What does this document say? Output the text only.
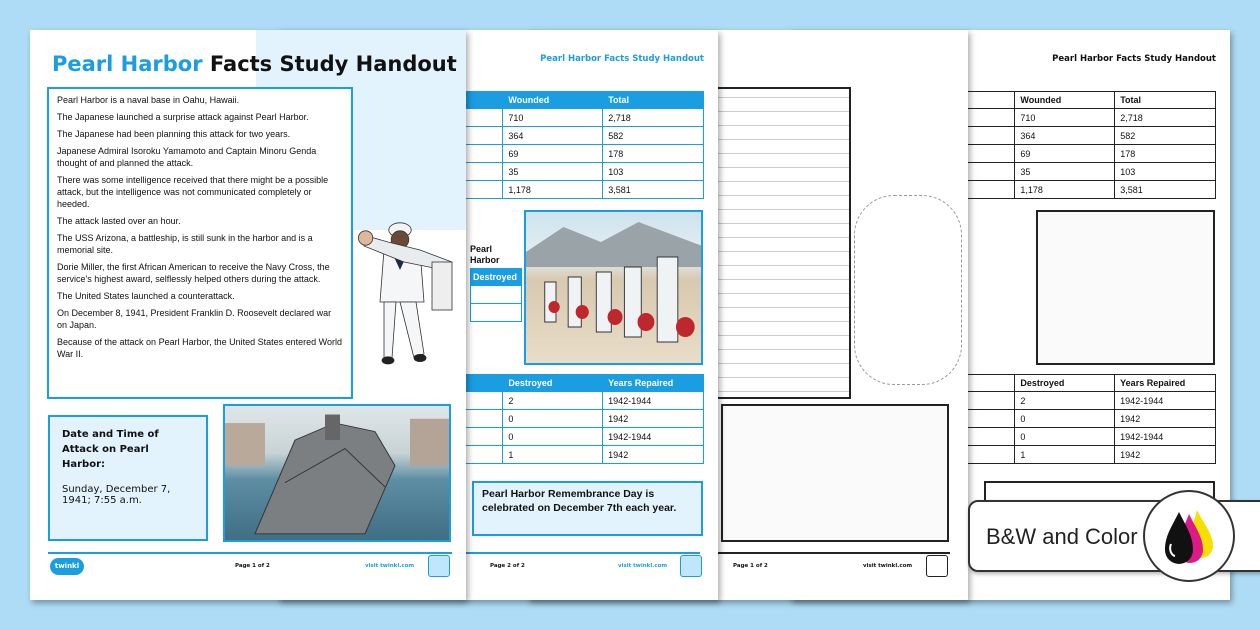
Pearl Harbor Facts Study Handout

Pearl Harbor is a naval base in Oahu, Hawaii.

The Japanese launched a surprise attack against Pearl Harbor.

The Japanese had been planning this attack for two years.

Japanese Admiral Isoroku Yamamoto and Captain Minoru Genda thought of and planned the attack.

There was some intelligence received that there might be a possible attack, but the intelligence was not communicated completely or heeded.

The attack lasted over an hour.

The USS Arizona, a battleship, is still sunk in the harbor and is a memorial site.

Dorie Miller, the first African American to receive the Navy Cross, the service's highest award, selflessly helped others during the attack.

The United States launched a counterattack.

On December 8, 1941, President Franklin D. Roosevelt declared war on Japan.

Because of the attack on Pearl Harbor, the United States entered World War II.

Date and Time of Attack on Pearl Harbor:
Sunday, December 7, 1941; 7:55 a.m.
twinkl	Page 1 of 2	visit twinkl.com
Pearl Harbor Facts Study Handout
	Wounded	Total
	710	2,718
	364	582
	69	178
	35	103
	1,178	3,581
Pearl Harbor
Destroyed

	Destroyed	Years Repaired
	2	1942-1944
	0	1942
	0	1942-1944
	1	1942
Pearl Harbor Remembrance Day is celebrated on December 7th each year.
Page 2 of 2	visit twinkl.com	Page 1 of 2	visit twinkl.com
Pearl Harbor Facts Study Handout
	Wounded	Total
	710	2,718
	364	582
	69	178
	35	103
	1,178	3,581
	Destroyed	Years Repaired
	2	1942-1944
	0	1942
	0	1942-1944
	1	1942
B&W and Color
